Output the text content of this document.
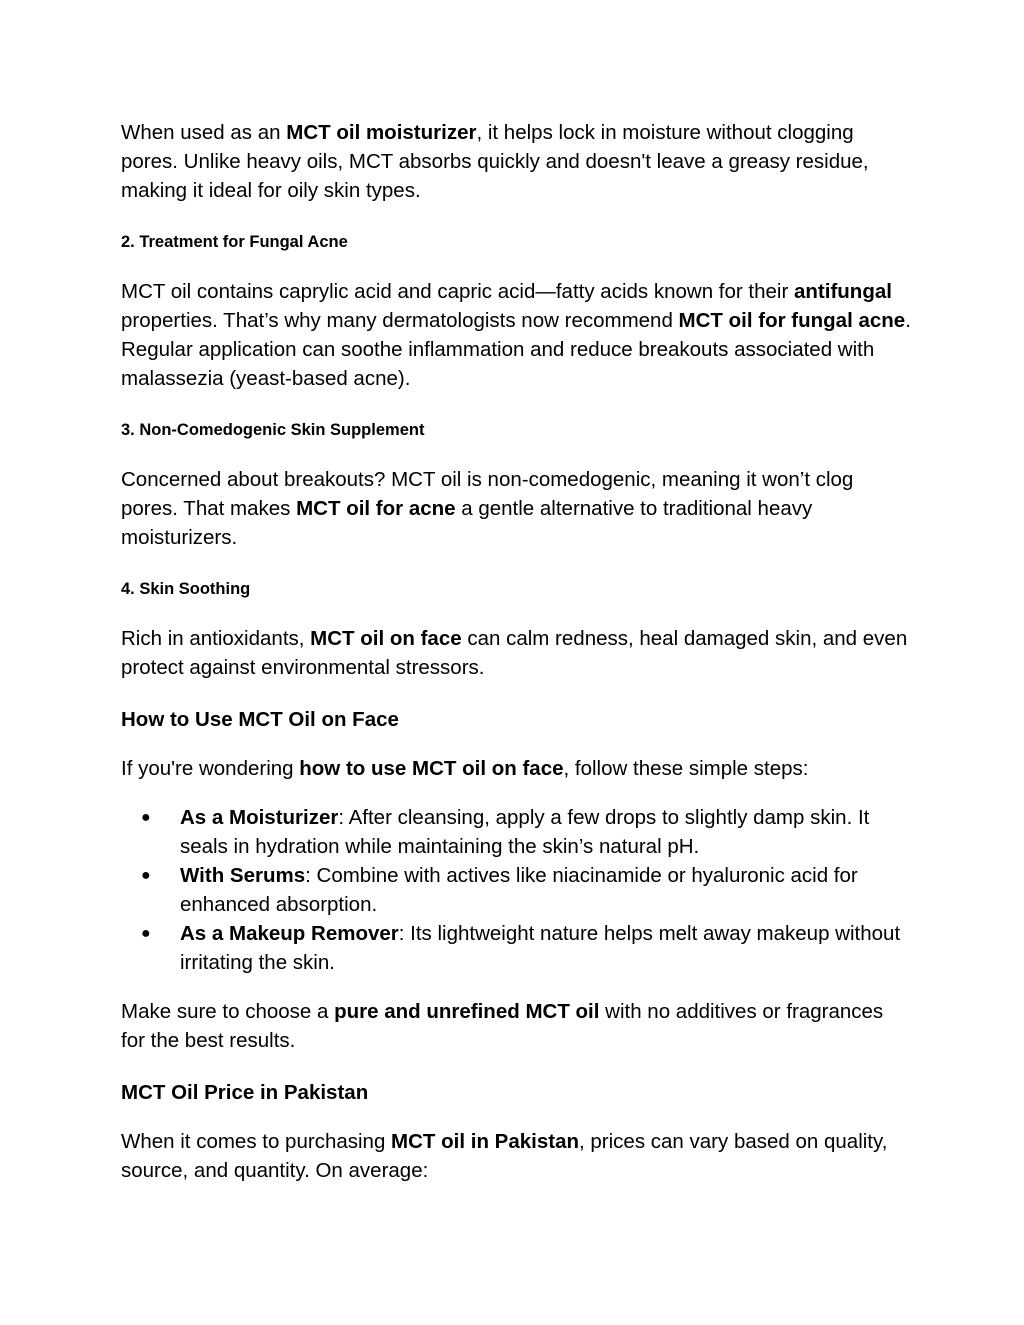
When used as an MCT oil moisturizer, it helps lock in moisture without clogging pores. Unlike heavy oils, MCT absorbs quickly and doesn't leave a greasy residue, making it ideal for oily skin types.

2. Treatment for Fungal Acne

MCT oil contains caprylic acid and capric acid—fatty acids known for their antifungal properties. That’s why many dermatologists now recommend MCT oil for fungal acne. Regular application can soothe inflammation and reduce breakouts associated with malassezia (yeast-based acne).

3. Non-Comedogenic Skin Supplement

Concerned about breakouts? MCT oil is non-comedogenic, meaning it won’t clog pores. That makes MCT oil for acne a gentle alternative to traditional heavy moisturizers.

4. Skin Soothing

Rich in antioxidants, MCT oil on face can calm redness, heal damaged skin, and even protect against environmental stressors.

How to Use MCT Oil on Face

If you're wondering how to use MCT oil on face, follow these simple steps:

● As a Moisturizer: After cleansing, apply a few drops to slightly damp skin. It seals in hydration while maintaining the skin’s natural pH.
● With Serums: Combine with actives like niacinamide or hyaluronic acid for enhanced absorption.
● As a Makeup Remover: Its lightweight nature helps melt away makeup without irritating the skin.

Make sure to choose a pure and unrefined MCT oil with no additives or fragrances for the best results.

MCT Oil Price in Pakistan

When it comes to purchasing MCT oil in Pakistan, prices can vary based on quality, source, and quantity. On average:
